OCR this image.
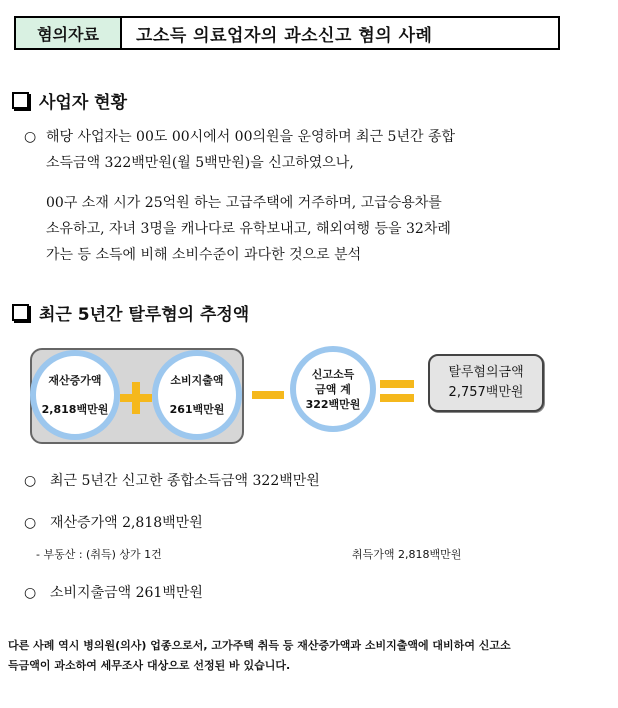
혐의자료	고소득 의료업자의 과소신고 혐의 사례
사업자 현황
○ 해당 사업자는 00도 00시에서 00의원을 운영하며 최근 5년간 종합
소득금액 322백만원(월 5백만원)을 신고하였으나,
00구 소재 시가 25억원 하는 고급주택에 거주하며, 고급승용차를
소유하고, 자녀 3명을 캐나다로 유학보내고, 해외여행 등을 32차례
가는 등 소득에 비해 소비수준이 과다한 것으로 분석
최근 5년간 탈루혐의 추정액
재산증가액
2,818백만원
소비지출액
261백만원
신고소득
금액 계
322백만원
탈루혐의금액
2,757백만원
○ 최근 5년간 신고한 종합소득금액 322백만원
○ 재산증가액 2,818백만원
- 부동산 : (취득) 상가 1건	취득가액 2,818백만원
○ 소비지출금액 261백만원
다른 사례 역시 병의원(의사) 업종으로서, 고가주택 취득 등 재산증가액과 소비지출액에 대비하여 신고소
득금액이 과소하여 세무조사 대상으로 선정된 바 있습니다.
